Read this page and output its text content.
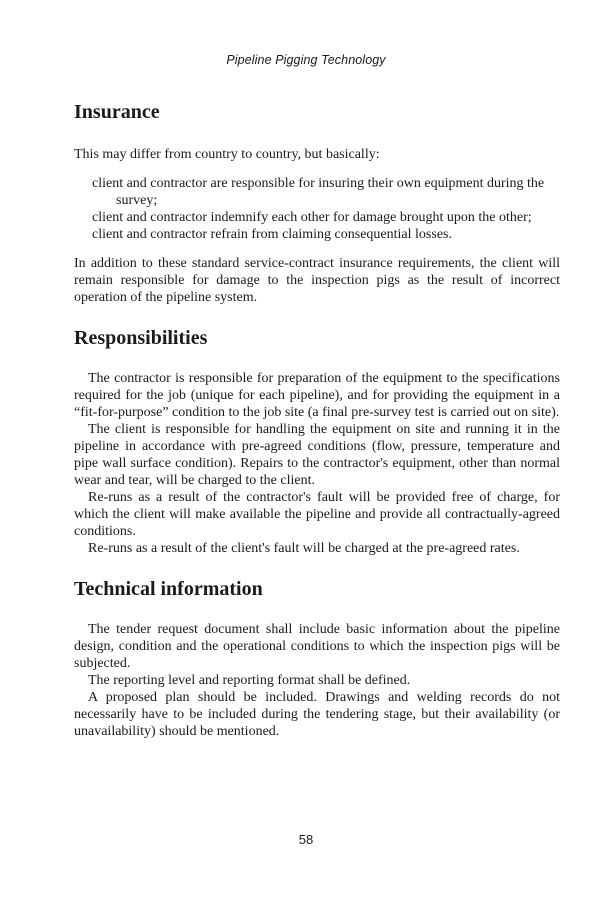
Pipeline Pigging Technology
Insurance

This may differ from country to country, but basically:

client and contractor are responsible for insuring their own equipment during the survey;
client and contractor indemnify each other for damage brought upon the other;
client and contractor refrain from claiming consequential losses.

In addition to these standard service-contract insurance requirements, the client will remain responsible for damage to the inspection pigs as the result of incorrect operation of the pipeline system.

Responsibilities

The contractor is responsible for preparation of the equipment to the specifications required for the job (unique for each pipeline), and for providing the equipment in a “fit-for-purpose” condition to the job site (a final pre-survey test is carried out on site).

The client is responsible for handling the equipment on site and running it in the pipeline in accordance with pre-agreed conditions (flow, pressure, temperature and pipe wall surface condition). Repairs to the contractor's equipment, other than normal wear and tear, will be charged to the client.

Re-runs as a result of the contractor's fault will be provided free of charge, for which the client will make available the pipeline and provide all contractually-agreed conditions.

Re-runs as a result of the client's fault will be charged at the pre-agreed rates.

Technical information

The tender request document shall include basic information about the pipeline design, condition and the operational conditions to which the inspection pigs will be subjected.

The reporting level and reporting format shall be defined.

A proposed plan should be included. Drawings and welding records do not necessarily have to be included during the tendering stage, but their availability (or unavailability) should be mentioned.

58
